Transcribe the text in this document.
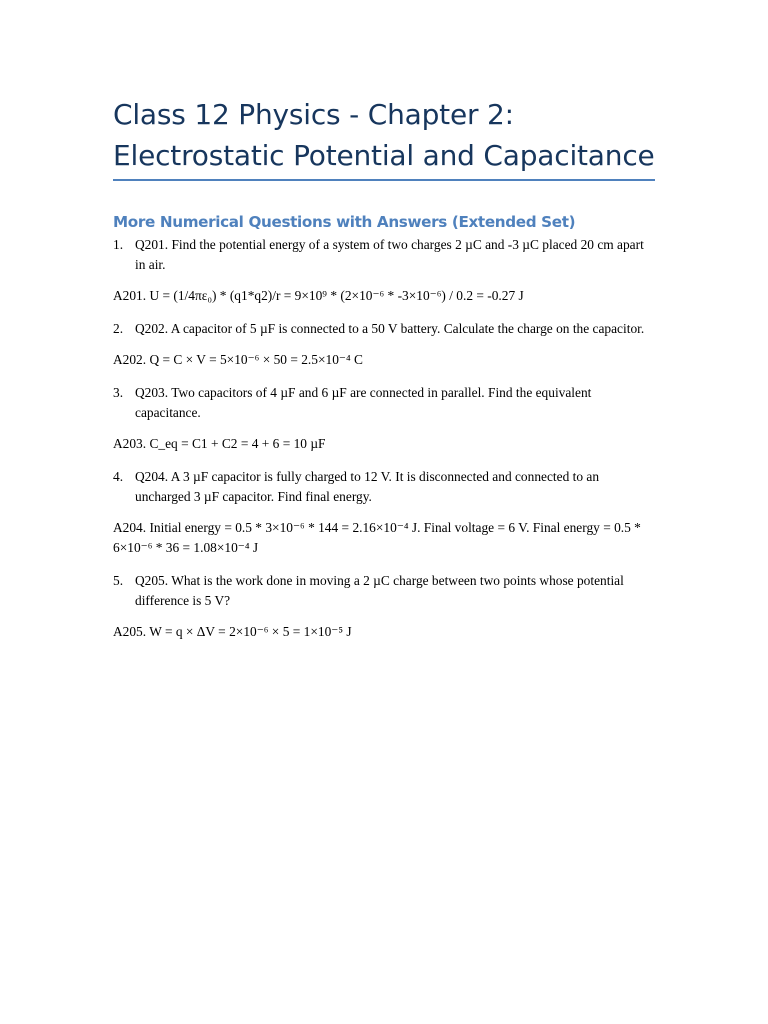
Class 12 Physics - Chapter 2:
Electrostatic Potential and Capacitance
More Numerical Questions with Answers (Extended Set)
1. Q201. Find the potential energy of a system of two charges 2 µC and -3 µC placed 20 cm apart in air.
A201. U = (1/4πε₀) * (q1*q2)/r = 9×10⁹ * (2×10⁻⁶ * -3×10⁻⁶) / 0.2 = -0.27 J
2. Q202. A capacitor of 5 µF is connected to a 50 V battery. Calculate the charge on the capacitor.
A202. Q = C × V = 5×10⁻⁶ × 50 = 2.5×10⁻⁴ C
3. Q203. Two capacitors of 4 µF and 6 µF are connected in parallel. Find the equivalent capacitance.
A203. C_eq = C1 + C2 = 4 + 6 = 10 µF
4. Q204. A 3 µF capacitor is fully charged to 12 V. It is disconnected and connected to an uncharged 3 µF capacitor. Find final energy.
A204. Initial energy = 0.5 * 3×10⁻⁶ * 144 = 2.16×10⁻⁴ J. Final voltage = 6 V. Final energy = 0.5 * 6×10⁻⁶ * 36 = 1.08×10⁻⁴ J
5. Q205. What is the work done in moving a 2 µC charge between two points whose potential difference is 5 V?
A205. W = q × ΔV = 2×10⁻⁶ × 5 = 1×10⁻⁵ J
